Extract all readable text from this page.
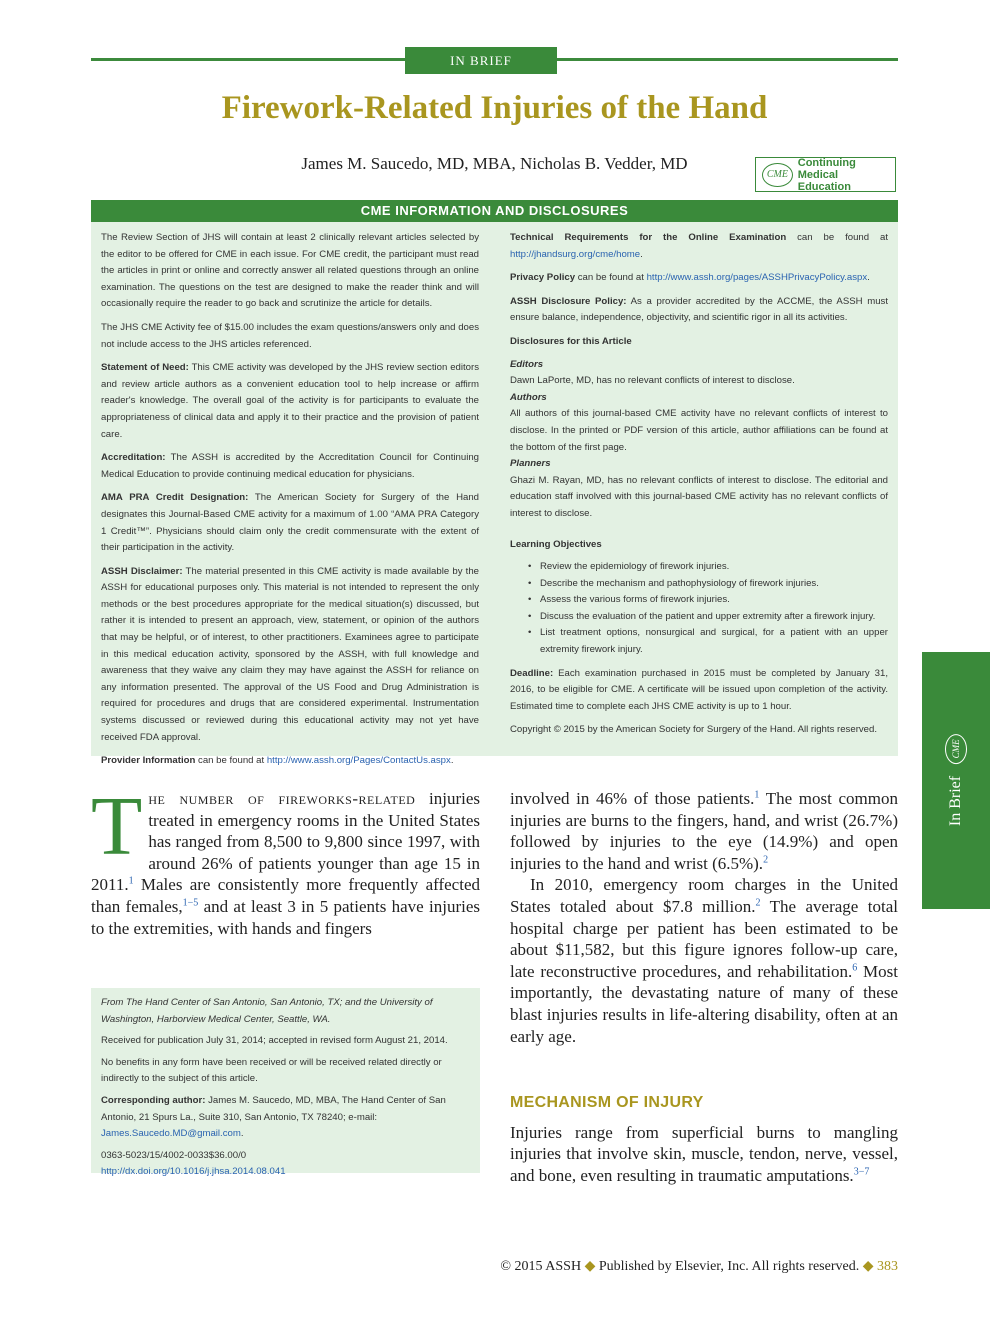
IN BRIEF
Firework-Related Injuries of the Hand
James M. Saucedo, MD, MBA, Nicholas B. Vedder, MD
CME
Continuing Medical
Education
CME INFORMATION AND DISCLOSURES

The Review Section of JHS will contain at least 2 clinically relevant articles selected by the editor to be offered for CME in each issue. For CME credit, the participant must read the articles in print or online and correctly answer all related questions through an online examination. The questions on the test are designed to make the reader think and will occasionally require the reader to go back and scrutinize the article for details.

The JHS CME Activity fee of $15.00 includes the exam questions/answers only and does not include access to the JHS articles referenced.

Statement of Need: This CME activity was developed by the JHS review section editors and review article authors as a convenient education tool to help increase or affirm reader's knowledge. The overall goal of the activity is for participants to evaluate the appropriateness of clinical data and apply it to their practice and the provision of patient care.

Accreditation: The ASSH is accredited by the Accreditation Council for Continuing Medical Education to provide continuing medical education for physicians.

AMA PRA Credit Designation: The American Society for Surgery of the Hand designates this Journal-Based CME activity for a maximum of 1.00 “AMA PRA Category 1 Credit™”. Physicians should claim only the credit commensurate with the extent of their participation in the activity.

ASSH Disclaimer: The material presented in this CME activity is made available by the ASSH for educational purposes only. This material is not intended to represent the only methods or the best procedures appropriate for the medical situation(s) discussed, but rather it is intended to present an approach, view, statement, or opinion of the authors that may be helpful, or of interest, to other practitioners. Examinees agree to participate in this medical education activity, sponsored by the ASSH, with full knowledge and awareness that they waive any claim they may have against the ASSH for reliance on any information presented. The approval of the US Food and Drug Administration is required for procedures and drugs that are considered experimental. Instrumentation systems discussed or reviewed during this educational activity may not yet have received FDA approval.

Provider Information can be found at http://www.assh.org/Pages/ContactUs.aspx.

Technical Requirements for the Online Examination can be found at http://jhandsurg.org/cme/home.

Privacy Policy can be found at http://www.assh.org/pages/ASSHPrivacyPolicy.aspx.

ASSH Disclosure Policy: As a provider accredited by the ACCME, the ASSH must ensure balance, independence, objectivity, and scientific rigor in all its activities.

Disclosures for this Article

Editors

Dawn LaPorte, MD, has no relevant conflicts of interest to disclose.

Authors

All authors of this journal-based CME activity have no relevant conflicts of interest to disclose. In the printed or PDF version of this article, author affiliations can be found at the bottom of the first page.

Planners

Ghazi M. Rayan, MD, has no relevant conflicts of interest to disclose. The editorial and education staff involved with this journal-based CME activity has no relevant conflicts of interest to disclose.

Learning Objectives

• Review the epidemiology of firework injuries.
• Describe the mechanism and pathophysiology of firework injuries.
• Assess the various forms of firework injuries.
• Discuss the evaluation of the patient and upper extremity after a firework injury.
• List treatment options, nonsurgical and surgical, for a patient with an upper extremity firework injury.

Deadline: Each examination purchased in 2015 must be completed by January 31, 2016, to be eligible for CME. A certificate will be issued upon completion of the activity. Estimated time to complete each JHS CME activity is up to 1 hour.

Copyright © 2015 by the American Society for Surgery of the Hand. All rights reserved.

The number of fireworks-related injuries treated in emergency rooms in the United States has ranged from 8,500 to 9,800 since 1997, with around 26% of patients younger than age 15 in 2011.$^1$ Males are consistently more frequently affected than females,$^{1-5}$ and at least 3 in 5 patients have injuries to the extremities, with hands and fingers

involved in 46% of those patients.$^1$ The most common injuries are burns to the fingers, hand, and wrist (26.7%) followed by injuries to the eye (14.9%) and open injuries to the hand and wrist (6.5%).$^2$

In 2010, emergency room charges in the United States totaled about $7.8 million.$^2$ The average total hospital charge per patient has been estimated to be about $11,582, but this figure ignores follow-up care, late reconstructive procedures, and rehabilitation.$^6$ Most importantly, the devastating nature of many of these blast injuries results in life-altering disability, often at an early age.

MECHANISM OF INJURY

Injuries range from superficial burns to mangling injuries that involve skin, muscle, tendon, nerve, vessel, and bone, even resulting in traumatic amputations.$^{3-7}$

From The Hand Center of San Antonio, San Antonio, TX; and the University of Washington, Harborview Medical Center, Seattle, WA.

Received for publication July 31, 2014; accepted in revised form August 21, 2014.

No benefits in any form have been received or will be received related directly or indirectly to the subject of this article.

Corresponding author: James M. Saucedo, MD, MBA, The Hand Center of San Antonio, 21 Spurs La., Suite 310, San Antonio, TX 78240; e-mail: James.Saucedo.MD@gmail.com.

0363-5023/15/4002-0033$36.00/0

http://dx.doi.org/10.1016/j.jhsa.2014.08.041

In Brief
CME
© 2015 ASSH ◆ Published by Elsevier, Inc. All rights reserved. ◆ 383
